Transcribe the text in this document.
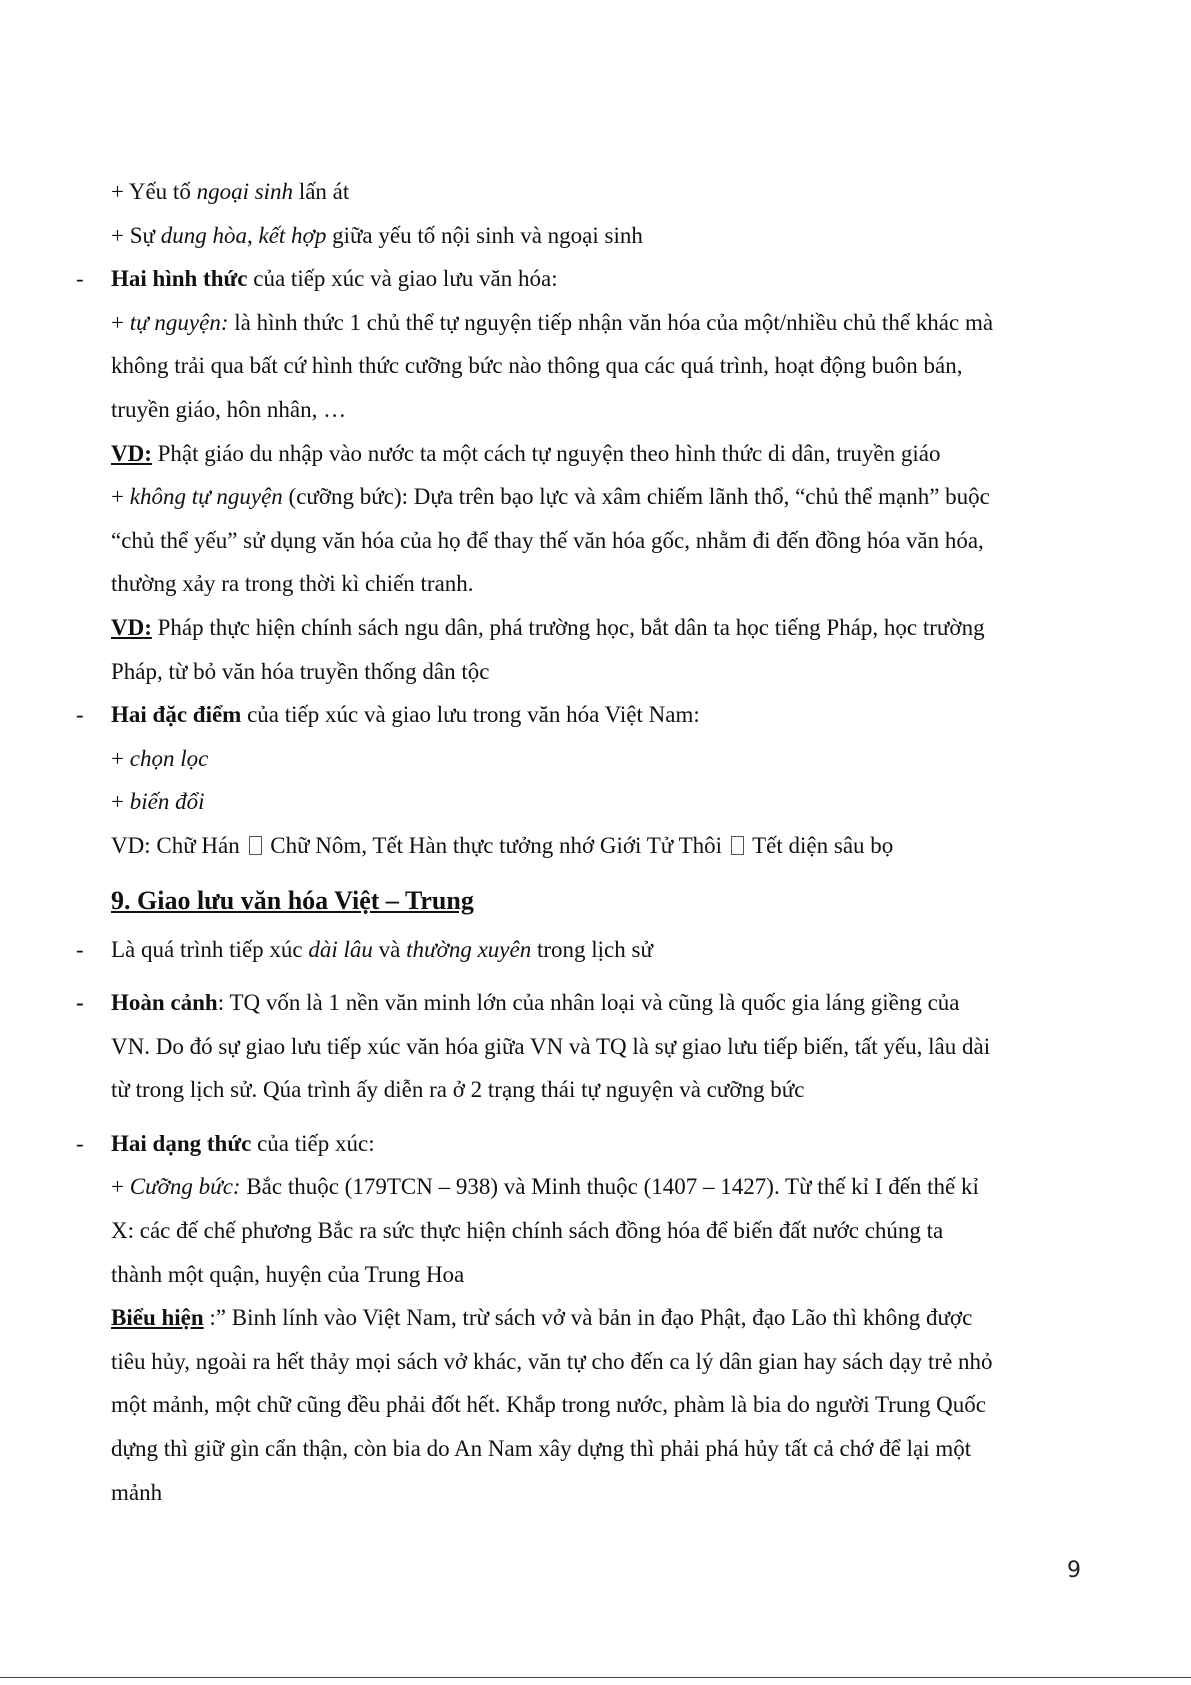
+ Yếu tố ngoại sinh lấn át
+ Sự dung hòa, kết hợp giữa yếu tố nội sinh và ngoại sinh
- Hai hình thức của tiếp xúc và giao lưu văn hóa:
+ tự nguyện: là hình thức 1 chủ thể tự nguyện tiếp nhận văn hóa của một/nhiều chủ thể khác mà
không trải qua bất cứ hình thức cưỡng bức nào thông qua các quá trình, hoạt động buôn bán,
truyền giáo, hôn nhân, …
VD: Phật giáo du nhập vào nước ta một cách tự nguyện theo hình thức di dân, truyền giáo
+ không tự nguyện (cưỡng bức): Dựa trên bạo lực và xâm chiếm lãnh thổ, “chủ thể mạnh” buộc
“chủ thể yếu” sử dụng văn hóa của họ để thay thế văn hóa gốc, nhằm đi đến đồng hóa văn hóa,
thường xảy ra trong thời kì chiến tranh.
VD: Pháp thực hiện chính sách ngu dân, phá trường học, bắt dân ta học tiếng Pháp, học trường
Pháp, từ bỏ văn hóa truyền thống dân tộc
- Hai đặc điểm của tiếp xúc và giao lưu trong văn hóa Việt Nam:
+ chọn lọc
+ biến đổi
VD: Chữ Hán  Chữ Nôm, Tết Hàn thực tưởng nhớ Giới Tử Thôi  Tết diện sâu bọ
9. Giao lưu văn hóa Việt – Trung
- Là quá trình tiếp xúc dài lâu và thường xuyên trong lịch sử
- Hoàn cảnh: TQ vốn là 1 nền văn minh lớn của nhân loại và cũng là quốc gia láng giềng của
VN. Do đó sự giao lưu tiếp xúc văn hóa giữa VN và TQ là sự giao lưu tiếp biến, tất yếu, lâu dài
từ trong lịch sử. Qúa trình ấy diễn ra ở 2 trạng thái tự nguyện và cưỡng bức
- Hai dạng thức của tiếp xúc:
+ Cưỡng bức: Bắc thuộc (179TCN – 938) và Minh thuộc (1407 – 1427). Từ thế kỉ I đến thế kỉ
X: các đế chế phương Bắc ra sức thực hiện chính sách đồng hóa để biến đất nước chúng ta
thành một quận, huyện của Trung Hoa
Biểu hiện :” Binh lính vào Việt Nam, trừ sách vở và bản in đạo Phật, đạo Lão thì không được
tiêu hủy, ngoài ra hết thảy mọi sách vở khác, văn tự cho đến ca lý dân gian hay sách dạy trẻ nhỏ
một mảnh, một chữ cũng đều phải đốt hết. Khắp trong nước, phàm là bia do người Trung Quốc
dựng thì giữ gìn cẩn thận, còn bia do An Nam xây dựng thì phải phá hủy tất cả chớ để lại một
mảnh
9
